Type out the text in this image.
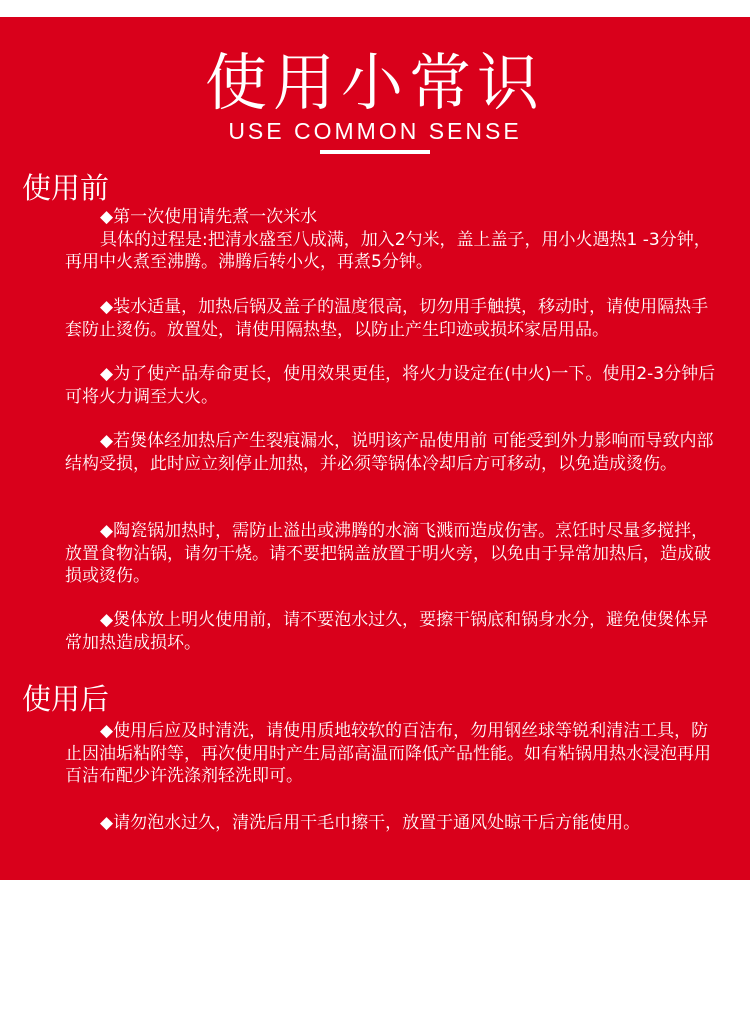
使用小常识
USE COMMON SENSE
使用前

◆第一次使用请先煮一次米水
具体的过程是:把清水盛至八成满，加入2勺米，盖上盖子，用小火遇热1 -3分钟，再用中火煮至沸腾。沸腾后转小火，再煮5分钟。

◆装水适量，加热后锅及盖子的温度很高，切勿用手触摸，移动时，请使用隔热手套防止烫伤。放置处，请使用隔热垫，以防止产生印迹或损坏家居用品。

◆为了使产品寿命更长，使用效果更佳，将火力设定在(中火)一下。使用2-3分钟后可将火力调至大火。

◆若煲体经加热后产生裂痕漏水，说明该产品使用前 可能受到外力影响而导致内部结构受损，此时应立刻停止加热，并必须等锅体冷却后方可移动，以免造成烫伤。

◆陶瓷锅加热时，需防止溢出或沸腾的水滴飞溅而造成伤害。烹饪时尽量多搅拌，放置食物沾锅，请勿干烧。请不要把锅盖放置于明火旁，以免由于异常加热后，造成破损或烫伤。

◆煲体放上明火使用前，请不要泡水过久，要擦干锅底和锅身水分，避免使煲体异常加热造成损坏。

使用后

◆使用后应及时清洗，请使用质地较软的百洁布，勿用钢丝球等锐利清洁工具，防止因油垢粘附等，再次使用时产生局部高温而降低产品性能。如有粘锅用热水浸泡再用百洁布配少许洗涤剂轻洗即可。

◆请勿泡水过久，清洗后用干毛巾擦干，放置于通风处晾干后方能使用。
